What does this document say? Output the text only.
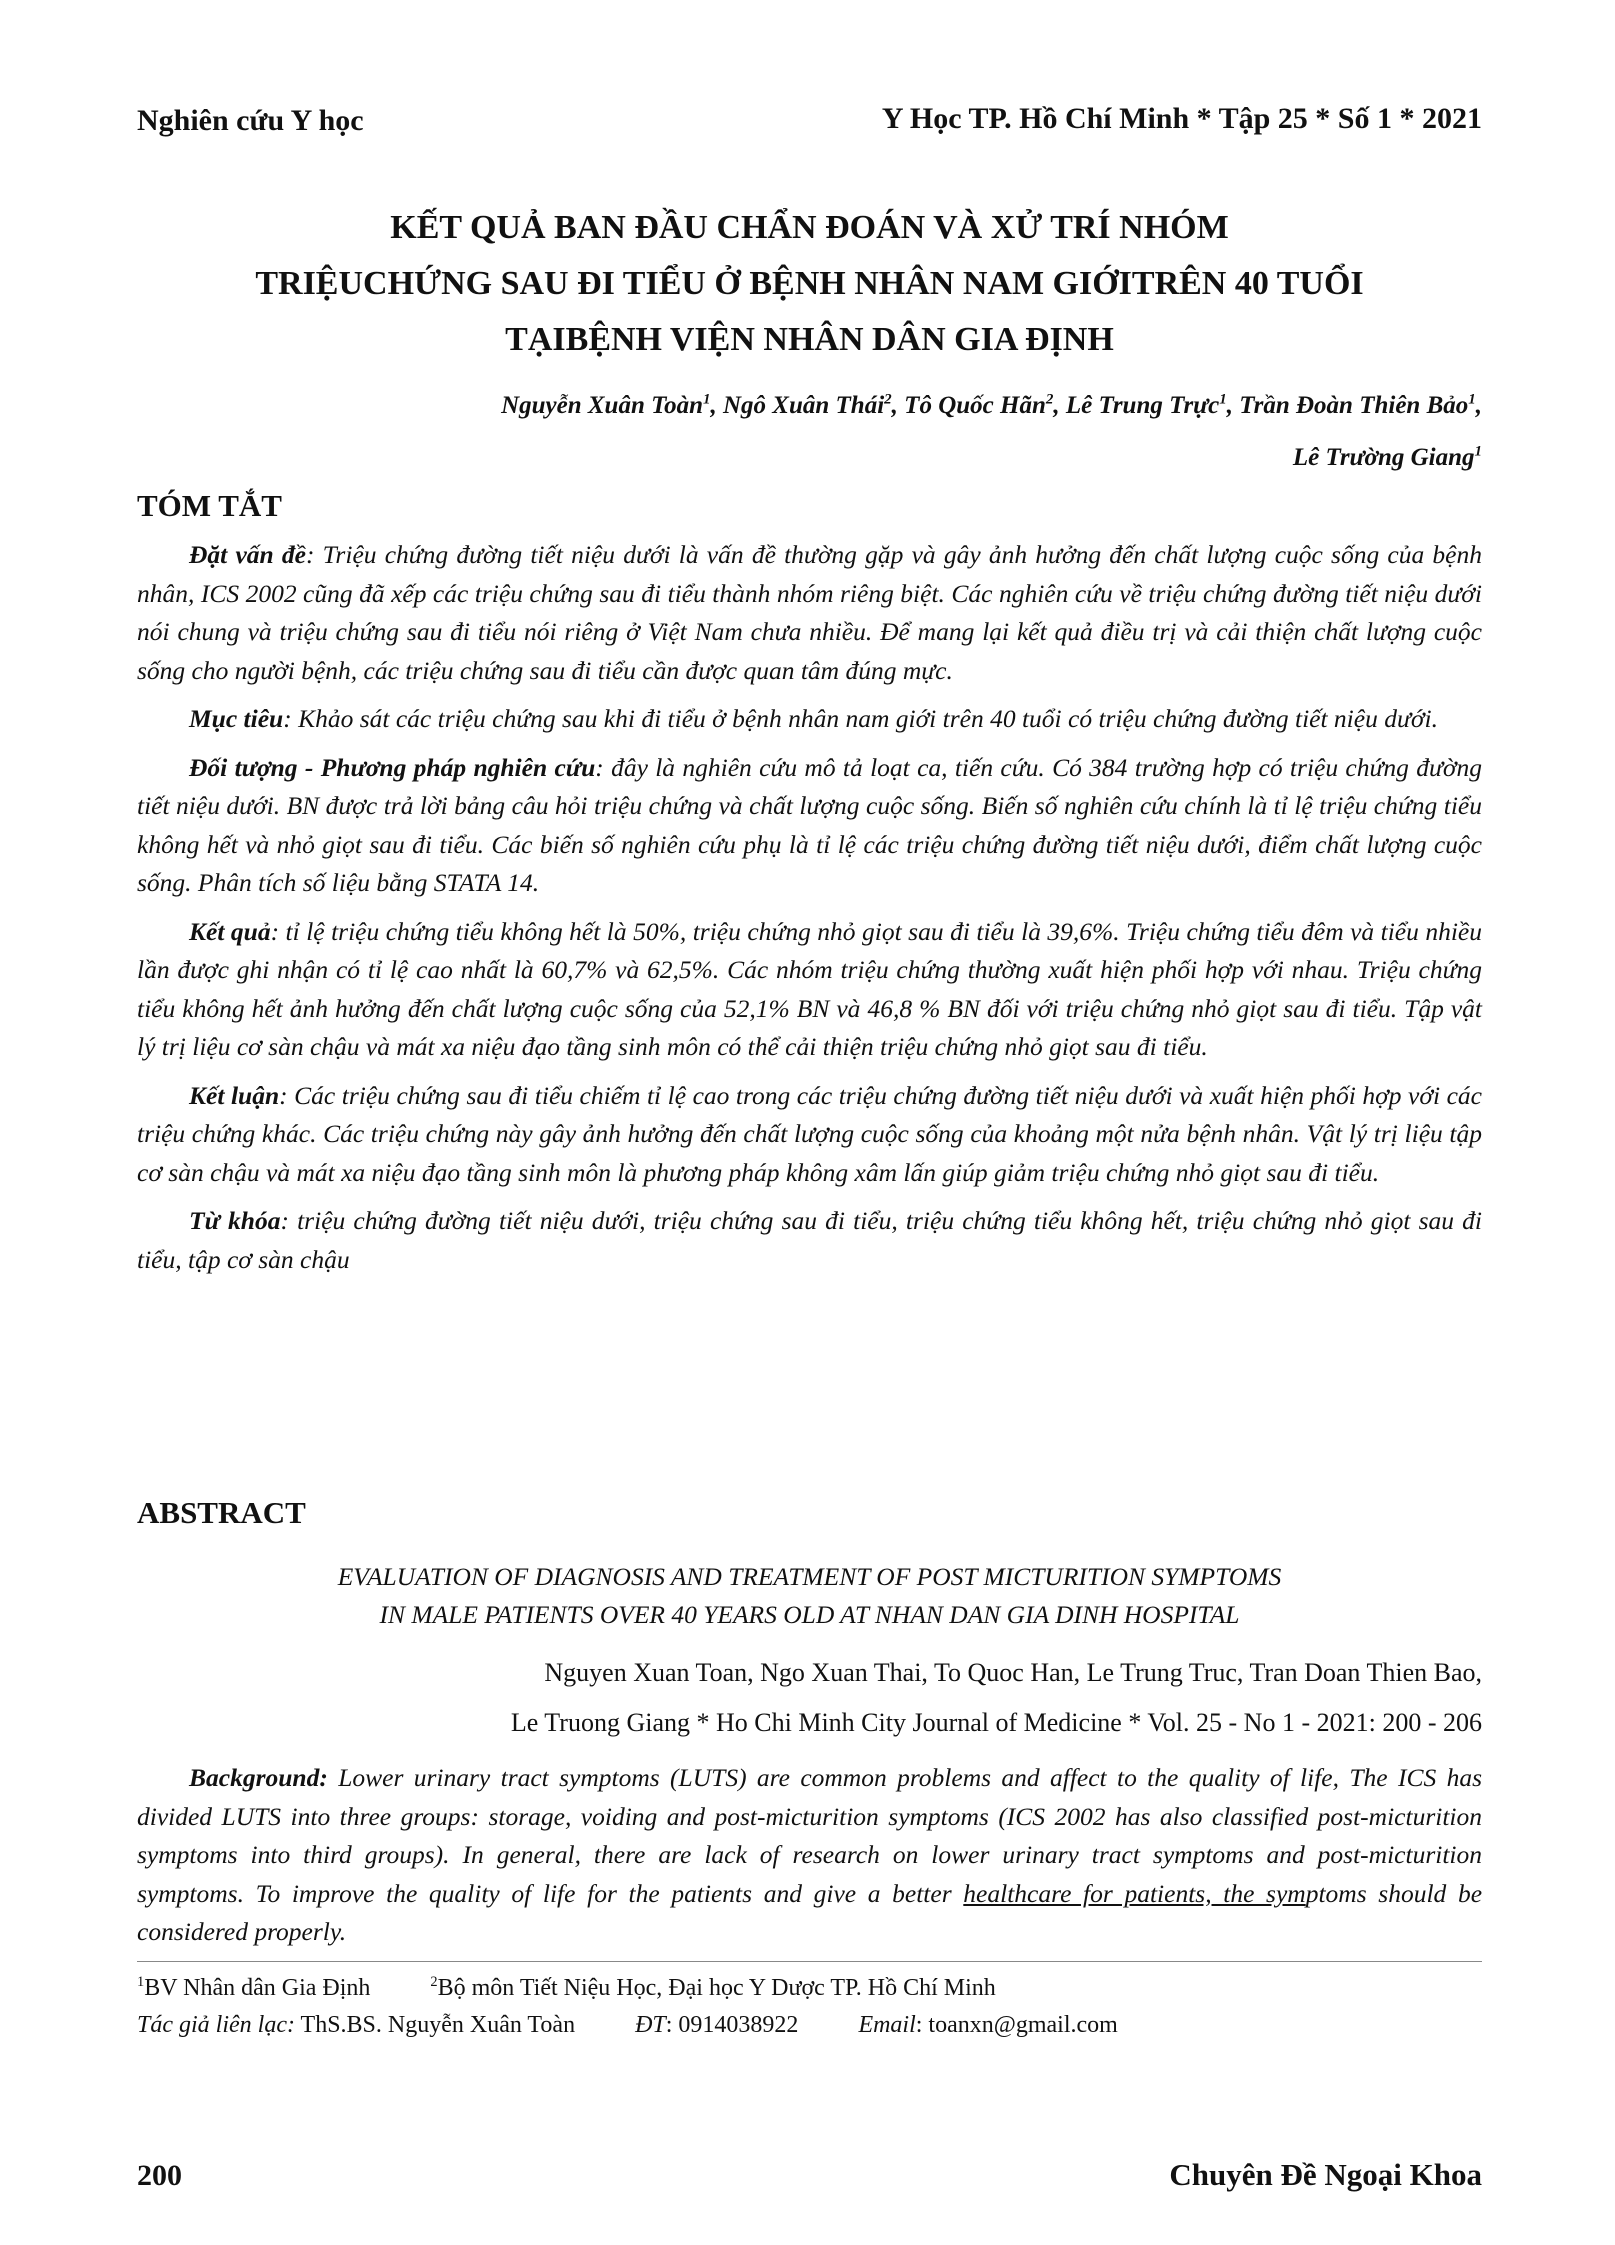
Nghiên cứu Y học	Y Học TP. Hồ Chí Minh * Tập 25 * Số 1 * 2021
KẾT QUẢ BAN ĐẦU CHẨN ĐOÁN VÀ XỬ TRÍ NHÓM
TRIỆUCHỨNG SAU ĐI TIỂU Ở BỆNH NHÂN NAM GIỚITRÊN 40 TUỔI
TẠIBỆNH VIỆN NHÂN DÂN GIA ĐỊNH
Nguyễn Xuân Toàn$^1$, Ngô Xuân Thái$^2$, Tô Quốc Hãn$^2$, Lê Trung Trực$^1$, Trần Đoàn Thiên Bảo$^1$,
Lê Trường Giang$^1$
TÓM TẮT

Đặt vấn đề: Triệu chứng đường tiết niệu dưới là vấn đề thường gặp và gây ảnh hưởng đến chất lượng cuộc sống của bệnh nhân, ICS 2002 cũng đã xếp các triệu chứng sau đi tiểu thành nhóm riêng biệt. Các nghiên cứu về triệu chứng đường tiết niệu dưới nói chung và triệu chứng sau đi tiểu nói riêng ở Việt Nam chưa nhiều. Để mang lại kết quả điều trị và cải thiện chất lượng cuộc sống cho người bệnh, các triệu chứng sau đi tiểu cần được quan tâm đúng mực.

Mục tiêu: Khảo sát các triệu chứng sau khi đi tiểu ở bệnh nhân nam giới trên 40 tuổi có triệu chứng đường tiết niệu dưới.

Đối tượng - Phương pháp nghiên cứu: đây là nghiên cứu mô tả loạt ca, tiến cứu. Có 384 trường hợp có triệu chứng đường tiết niệu dưới. BN được trả lời bảng câu hỏi triệu chứng và chất lượng cuộc sống. Biến số nghiên cứu chính là tỉ lệ triệu chứng tiểu không hết và nhỏ giọt sau đi tiểu. Các biến số nghiên cứu phụ là tỉ lệ các triệu chứng đường tiết niệu dưới, điểm chất lượng cuộc sống. Phân tích số liệu bằng STATA 14.

Kết quả: tỉ lệ triệu chứng tiểu không hết là 50%, triệu chứng nhỏ giọt sau đi tiểu là 39,6%. Triệu chứng tiểu đêm và tiểu nhiều lần được ghi nhận có tỉ lệ cao nhất là 60,7% và 62,5%. Các nhóm triệu chứng thường xuất hiện phối hợp với nhau. Triệu chứng tiểu không hết ảnh hưởng đến chất lượng cuộc sống của 52,1% BN và 46,8 % BN đối với triệu chứng nhỏ giọt sau đi tiểu. Tập vật lý trị liệu cơ sàn chậu và mát xa niệu đạo tầng sinh môn có thể cải thiện triệu chứng nhỏ giọt sau đi tiểu.

Kết luận: Các triệu chứng sau đi tiểu chiếm tỉ lệ cao trong các triệu chứng đường tiết niệu dưới và xuất hiện phối hợp với các triệu chứng khác. Các triệu chứng này gây ảnh hưởng đến chất lượng cuộc sống của khoảng một nửa bệnh nhân. Vật lý trị liệu tập cơ sàn chậu và mát xa niệu đạo tầng sinh môn là phương pháp không xâm lấn giúp giảm triệu chứng nhỏ giọt sau đi tiểu.

Từ khóa: triệu chứng đường tiết niệu dưới, triệu chứng sau đi tiểu, triệu chứng tiểu không hết, triệu chứng nhỏ giọt sau đi tiểu, tập cơ sàn chậu

ABSTRACT
EVALUATION OF DIAGNOSIS AND TREATMENT OF POST MICTURITION SYMPTOMS
IN MALE PATIENTS OVER 40 YEARS OLD AT NHAN DAN GIA DINH HOSPITAL
Nguyen Xuan Toan, Ngo Xuan Thai, To Quoc Han, Le Trung Truc, Tran Doan Thien Bao,
Le Truong Giang * Ho Chi Minh City Journal of Medicine * Vol. 25 - No 1 - 2021: 200 - 206

Background: Lower urinary tract symptoms (LUTS) are common problems and affect to the quality of life, The ICS has divided LUTS into three groups: storage, voiding and post-micturition symptoms (ICS 2002 has also classified post-micturition symptoms into third groups). In general, there are lack of research on lower urinary tract symptoms and post-micturition symptoms. To improve the quality of life for the patients and give a better healthcare for patients, the symptoms should be considered properly.

$^1$BV Nhân dân Gia Định	$^2$Bộ môn Tiết Niệu Học, Đại học Y Dược TP. Hồ Chí Minh
Tác giả liên lạc: ThS.BS. Nguyễn Xuân Toàn	ĐT: 0914038922	Email: toanxn@gmail.com
200	Chuyên Đề Ngoại Khoa
